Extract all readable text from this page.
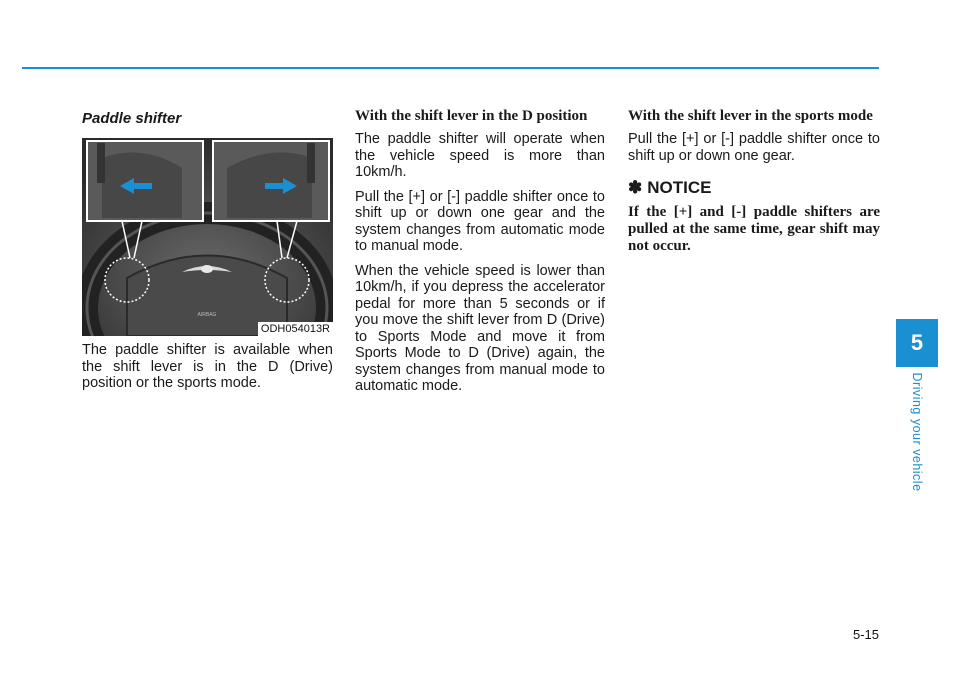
Paddle shifter
AIRBAG
ODH054013R

The paddle shifter is available when the shift lever is in the D (Drive) position or the sports mode.

With the shift lever in the D position

The paddle shifter will operate when the vehicle speed is more than 10km/h.

Pull the [+] or [-] paddle shifter once to shift up or down one gear and the system changes from automatic mode to manual mode.

When the vehicle speed is lower than 10km/h, if you depress the accelerator pedal for more than 5 seconds or if you move the shift lever from D (Drive) to Sports Mode and move it from Sports Mode to D (Drive) again, the system changes from manual mode to automatic mode.

With the shift lever in the sports mode

Pull the [+] or [-] paddle shifter once to shift up or down one gear.

✽ NOTICE

If the [+] and [-] paddle shifters are pulled at the same time, gear shift may not occur.

5
Driving your vehicle
5-15
